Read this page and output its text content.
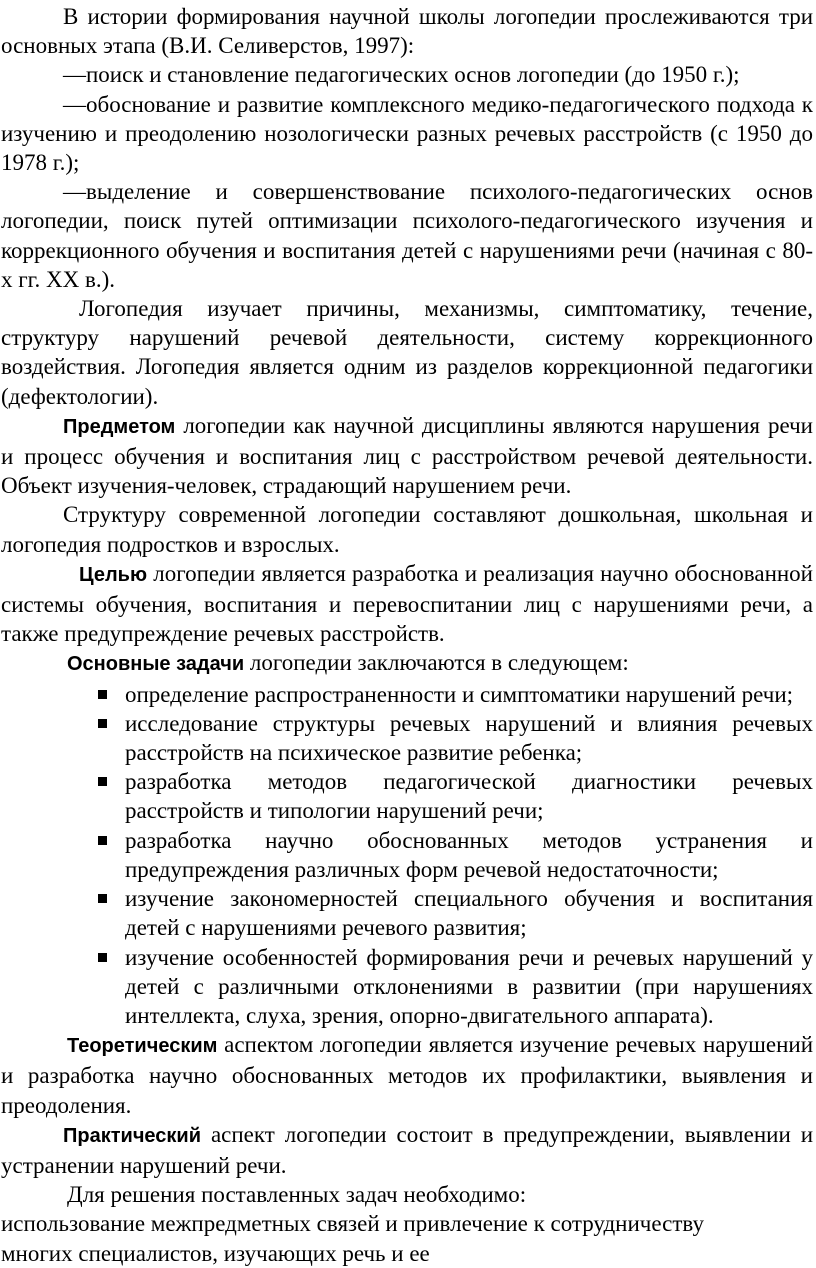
В истории формирования научной школы логопедии прослеживаются три основных этапа (В.И. Селиверстов, 1997):

—поиск и становление педагогических основ логопедии (до 1950 г.);

—обоснование и развитие комплексного медико-педагогического подхода к изучению и преодолению нозологически разных речевых расстройств (с 1950 до 1978 г.);

—выделение и совершенствование психолого-педагогических основ логопедии, поиск путей оптимизации психолого-педагогического изучения и коррекционного обучения и воспитания детей с нарушениями речи (начиная с 80-х гг. XX в.).

Логопедия изучает причины, механизмы, симптоматику, течение, структуру нарушений речевой деятельности, систему коррекционного воздействия. Логопедия является одним из разделов коррекционной педагогики (дефектологии).

Предметом логопедии как научной дисциплины являются нарушения речи и процесс обучения и воспитания лиц с расстройством речевой деятельности. Объект изучения-человек, страдающий нарушением речи.

Структуру современной логопедии составляют дошкольная, школьная и логопедия подростков и взрослых.

Целью логопедии является разработка и реализация научно обоснованной системы обучения, воспитания и перевоспитании лиц с нарушениями речи, а также предупреждение речевых расстройств.

Основные задачи логопедии заключаются в следующем:

определение распространенности и симптоматики нарушений речи;
исследование структуры речевых нарушений и влияния речевых расстройств на психическое развитие ребенка;
разработка методов педагогической диагностики речевых расстройств и типологии нарушений речи;
разработка научно обоснованных методов устранения и предупреждения различных форм речевой недостаточности;
изучение закономерностей специального обучения и воспитания детей с нарушениями речевого развития;
изучение особенностей формирования речи и речевых нарушений у детей с различными отклонениями в развитии (при нарушениях интеллекта, слуха, зрения, опорно-двигательного аппарата).

Теоретическим аспектом логопедии является изучение речевых нарушений и разработка научно обоснованных методов их профилактики, выявления и преодоления.

Практический аспект логопедии состоит в предупреждении, выявлении и устранении нарушений речи.

Для решения поставленных задач необходимо:

использование межпредметных связей и привлечение к сотрудничеству

многих специалистов, изучающих речь и ее
